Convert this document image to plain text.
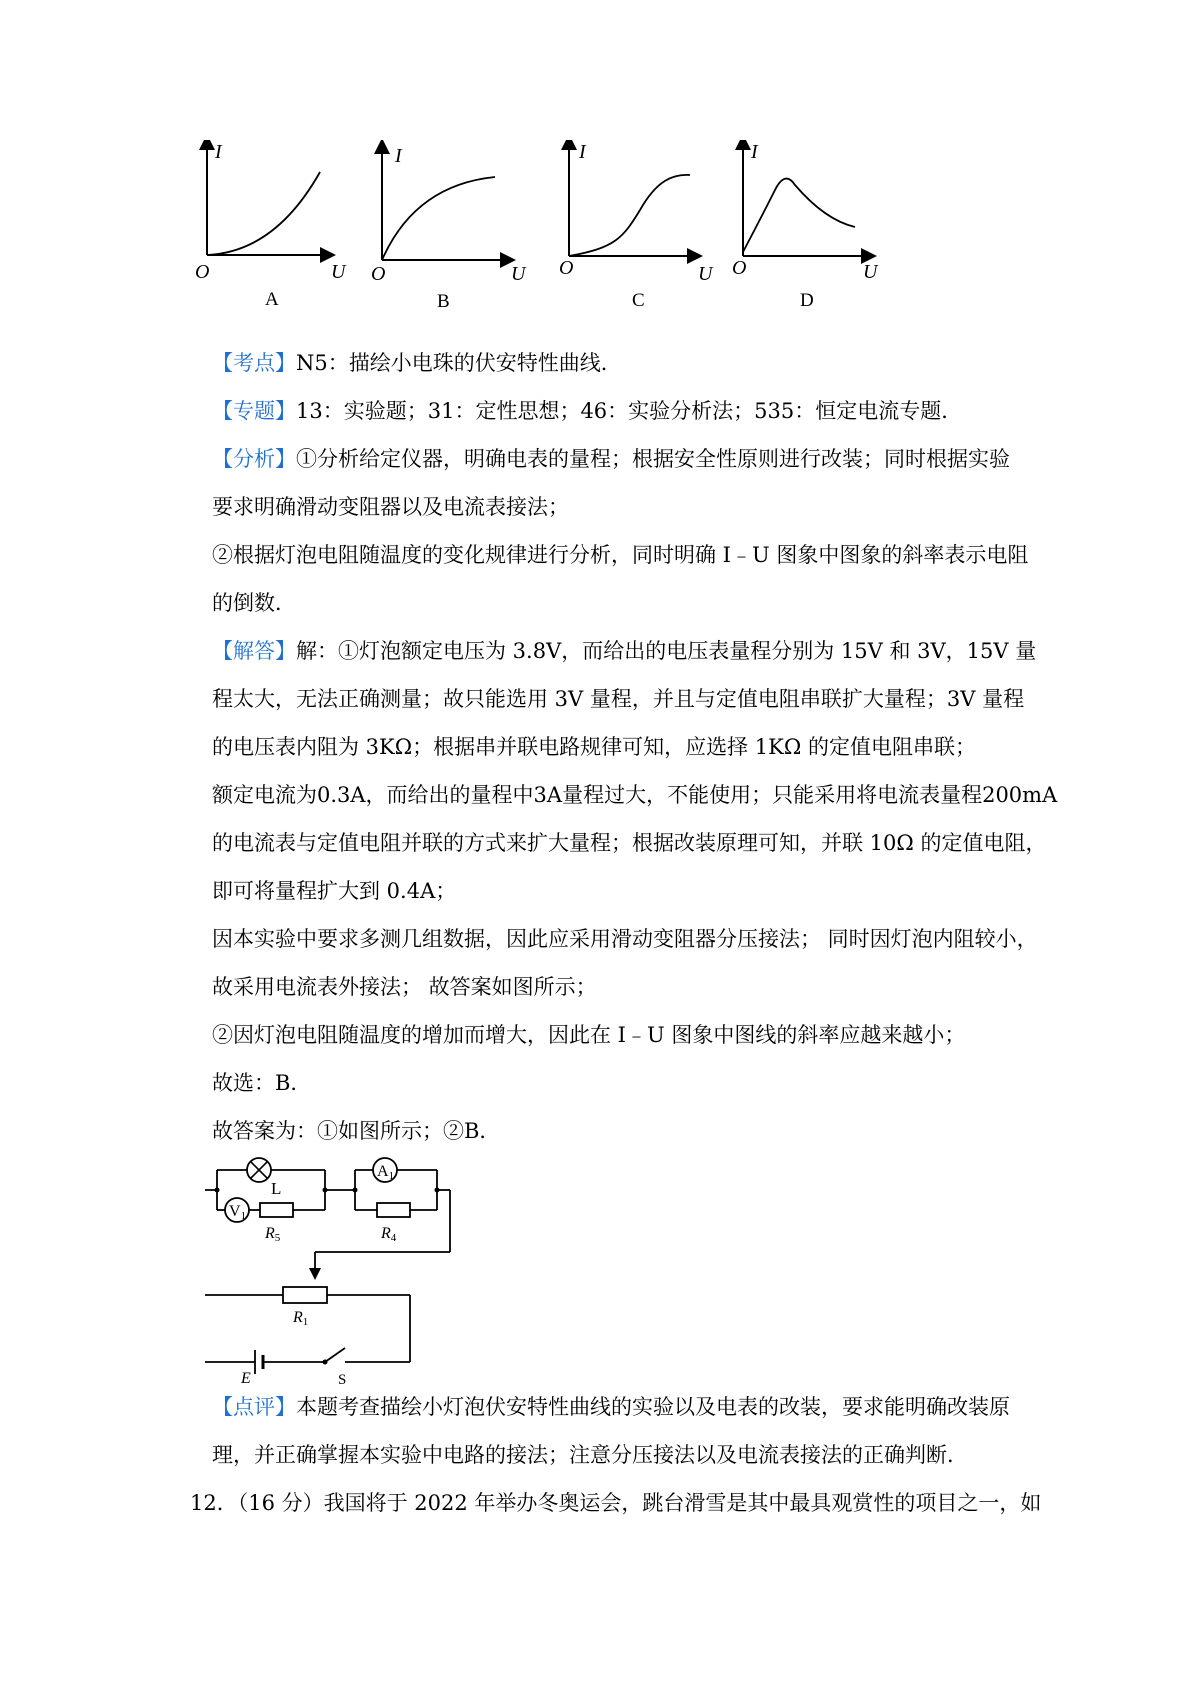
I
O	U
A
I
O	U
B
I
O	U
C
I
O	U
D
【考点】N5：描绘小电珠的伏安特性曲线．
【专题】13：实验题；31：定性思想；46：实验分析法；535：恒定电流专题．
【分析】①分析给定仪器，明确电表的量程；根据安全性原则进行改装；同时根据实验
要求明确滑动变阻器以及电流表接法；
②根据灯泡电阻随温度的变化规律进行分析，同时明确 I﹣U 图象中图象的斜率表示电阻
的倒数．
【解答】解：①灯泡额定电压为 3.8V，而给出的电压表量程分别为 15V 和 3V，15V 量
程太大，无法正确测量；故只能选用 3V 量程，并且与定值电阻串联扩大量程；3V 量程
的电压表内阻为 3KΩ；根据串并联电路规律可知，应选择 1KΩ 的定值电阻串联；
额定电流为0.3A，而给出的量程中3A量程过大，不能使用；只能采用将电流表量程200mA
的电流表与定值电阻并联的方式来扩大量程；根据改装原理可知，并联 10Ω 的定值电阻，
即可将量程扩大到 0.4A；
因本实验中要求多测几组数据，因此应采用滑动变阻器分压接法； 同时因灯泡内阻较小，
故采用电流表外接法； 故答案如图所示；
②因灯泡电阻随温度的增加而增大，因此在 I﹣U 图象中图线的斜率应越来越小；
故选：B．
故答案为：①如图所示；②B．
L
V1
R5
A1
R4
R1
E	S
【点评】本题考查描绘小灯泡伏安特性曲线的实验以及电表的改装，要求能明确改装原
理，并正确掌握本实验中电路的接法；注意分压接法以及电流表接法的正确判断．
12．（16 分）我国将于 2022 年举办冬奥运会，跳台滑雪是其中最具观赏性的项目之一，如
